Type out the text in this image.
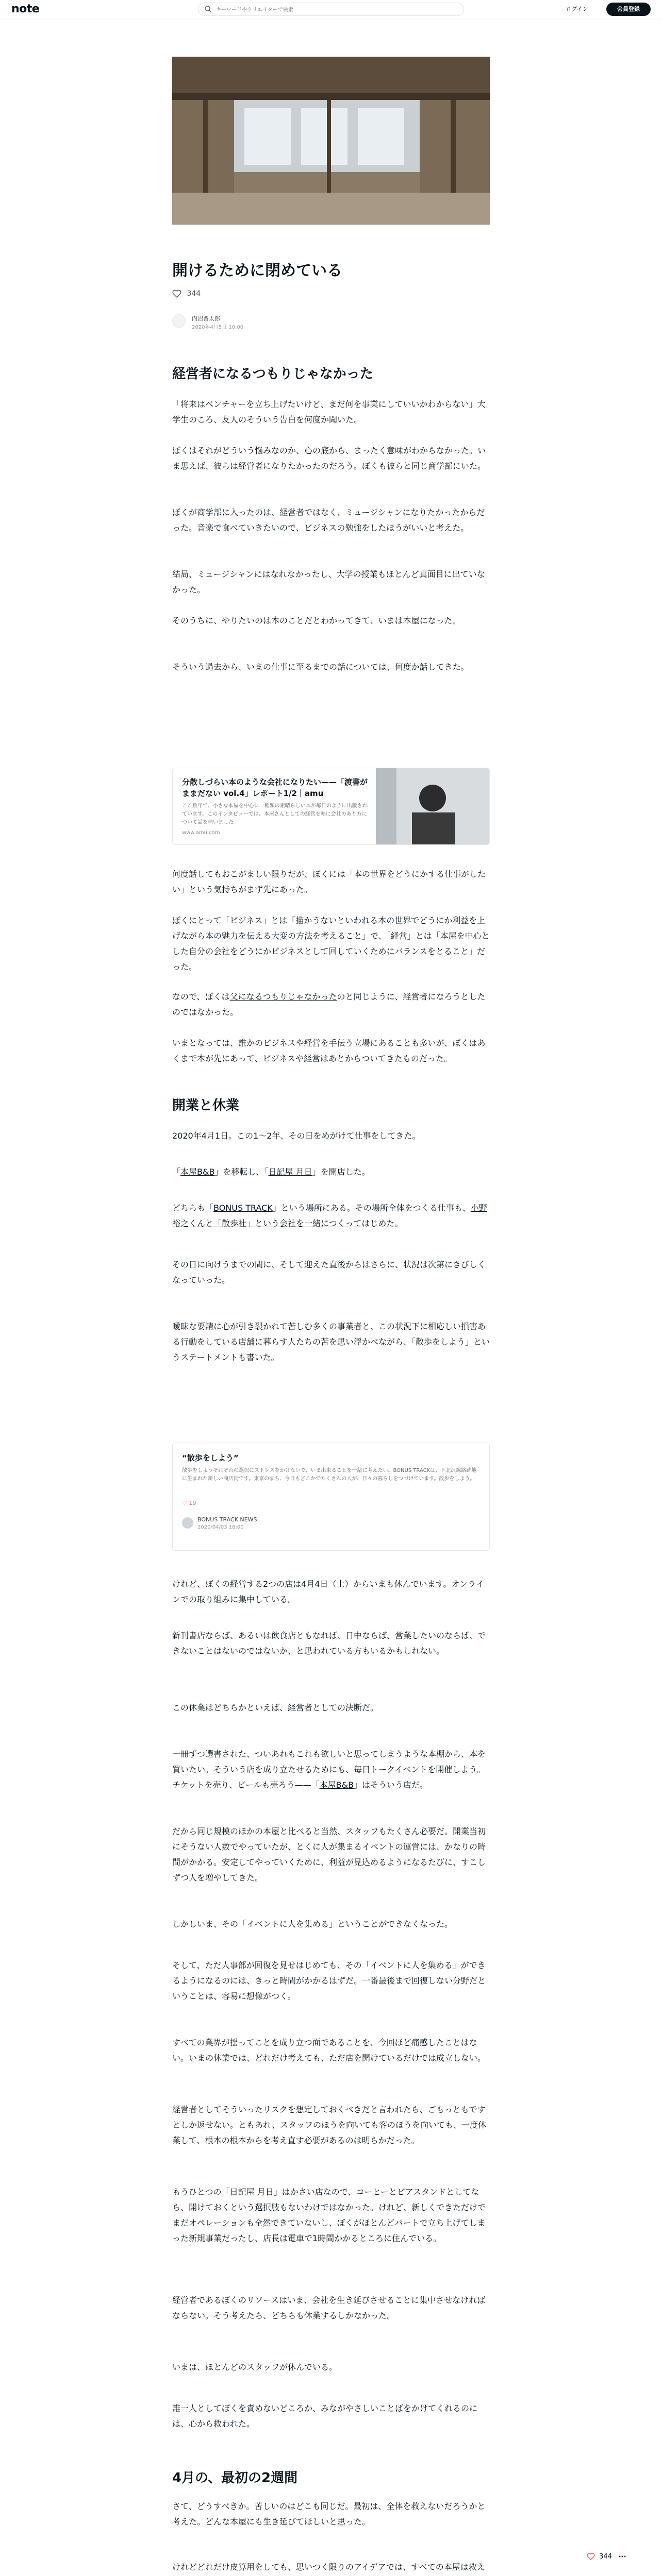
note
キーワードやクリエイターで検索	ログイン	会員登録
開けるために閉めている
344
内沼晋太郎
2020年4月5日 10:00
経営者になるつもりじゃなかった

「将来はベンチャーを立ち上げたいけど、まだ何を事業にしていいかわからない」大学生のころ、友人のそういう告白を何度か聞いた。

ぼくはそれがどういう悩みなのか、心の底から、まったく意味がわからなかった。いま思えば、彼らは経営者になりたかったのだろう。ぼくも彼らと同じ商学部にいた。

ぼくが商学部に入ったのは、経営者ではなく、ミュージシャンになりたかったからだった。音楽で食べていきたいので、ビジネスの勉強をしたほうがいいと考えた。

結局、ミュージシャンにはなれなかったし、大学の授業もほとんど真面目に出ていなかった。

そのうちに、やりたいのは本のことだとわかってきて、いまは本屋になった。

そういう過去から、いまの仕事に至るまでの話については、何度か話してきた。

分散しづらい本のような会社になりたい——「渡書がままだない vol.4」レポート1/2｜amu
ここ数年で、小さな本屋を中心に一種類の素晴らしい本が毎日のように出版されています。このインタビューでは、本屋さんとしての経営を軸に会社のあり方について話を伺いました。
www.amu.com

何度話してもおこがましい限りだが、ぼくには「本の世界をどうにかする仕事がしたい」という気持ちがまず先にあった。

ぼくにとって「ビジネス」とは「描かうないといわれる本の世界でどうにか利益を上げながら本の魅力を伝える大変の方法を考えること」で、「経営」とは「本屋を中心とした自分の会社をどうにかビジネスとして回していくためにバランスをとること」だった。

なので、ぼくは父になるつもりじゃなかったのと同じように、経営者になろうとしたのではなかった。

いまとなっては、誰かのビジネスや経営を手伝う立場にあることも多いが、ぼくはあくまで本が先にあって、ビジネスや経営はあとからついてきたものだった。

開業と休業

2020年4月1日。この1〜2年、その日をめがけて仕事をしてきた。

「本屋B&B」を移転し、「日記屋 月日」を開店した。

どちらも「BONUS TRACK」という場所にある。その場所全体をつくる仕事も、小野裕之くんと「散歩社」という会社を一緒につくってはじめた。

その日に向けうまでの間に、そして迎えた直後からはさらに、状況は次第にきびしくなっていった。

曖昧な要請に心が引き裂かれて苦しむ多くの事業者と、この状況下に相応しい損害ある行動をしている店舗に暮らす人たちの苦を思い浮かべながら、「散歩をしよう」というステートメントも書いた。

“散歩をしよう”
散歩をしようそれぞれの選択にストレスをかけないで、いま出来ることを一緒に考えたい。BONUS TRACKは、下北沢線路跡地に生まれた新しい商店街です。東京のまち、今日もどこかでたくさんの人が、日々の暮らしをつづけています。散歩をしよう。
♡ 19
BONUS TRACK NEWS
2020/04/03 18:00

けれど、ぼくの経営する2つの店は4月4日（土）からいまも休んでいます。オンラインでの取り組みに集中している。

新刊書店ならば、あるいは飲食店ともなれば、日中ならば、営業したいのならば、できないことはないのではないか、と思われている方もいるかもしれない。

この休業はどちらかといえば、経営者としての決断だ。

一冊ずつ選書された、ついあれもこれも欲しいと思ってしまうような本棚から、本を買いたい。そういう店を成り立たせるためにも、毎日トークイベントを開催しよう。チケットを売り、ビールも売ろう——「本屋B&B」はそういう店だ。

だから同じ規模のほかの本屋と比べると当然、スタッフもたくさん必要だ。開業当初にそうない人数でやっていたが、とくに人が集まるイベントの運営には、かなりの時間がかかる。安定してやっていくために、利益が見込めるようになるたびに、すこしずつ人を増やしてきた。

しかしいま、その「イベントに人を集める」ということができなくなった。

そして、ただ人事部が回復を見せはじめても、その「イベントに人を集める」ができるようになるのには、きっと時間がかかるはずだ。一番最後まで回復しない分野だということは、容易に想像がつく。

すべての業界が揺ってことを成り立つ面であることを、今回ほど痛感したことはない。いまの休業では、どれだけ考えても、ただ店を開けているだけでは成立しない。

経営者としてそういったリスクを想定しておくべきだと言われたら、ごもっともですとしか返せない。ともあれ、スタッフのほうを向いても客のほうを向いても、一度休業して、根本の根本からを考え直す必要があるのは明らかだった。

もうひとつの「日記屋 月日」はかさい店なので、コーヒーとビアスタンドとしてなら、開けておくという選択肢もないわけではなかった。けれど、新しくできただけでまだオペレーションも全然できていないし、ぼくがほとんどパートで立ち上げてしまった新規事業だったし、店長は電車で1時間かかるところに住んでいる。

経営者であるぼくのリソースはいま、会社を生き延びさせることに集中させなければならない。そう考えたら、どちらも休業するしかなかった。

いまは、ほとんどのスタッフが休んでいる。

誰一人としてぼくを責めないどころか、みながやさしいことばをかけてくれるのには、心から救われた。

4月の、最初の2週間

さて、どうすべきか。苦しいのはどこも同じだ。最初は、全体を救えないだろうかと考えた。どんな本屋にも生き延びてほしいと思った。

けれどどれだけ皮算用をしても、思いつく限りのアイデアでは、すべての本屋は救え

344
